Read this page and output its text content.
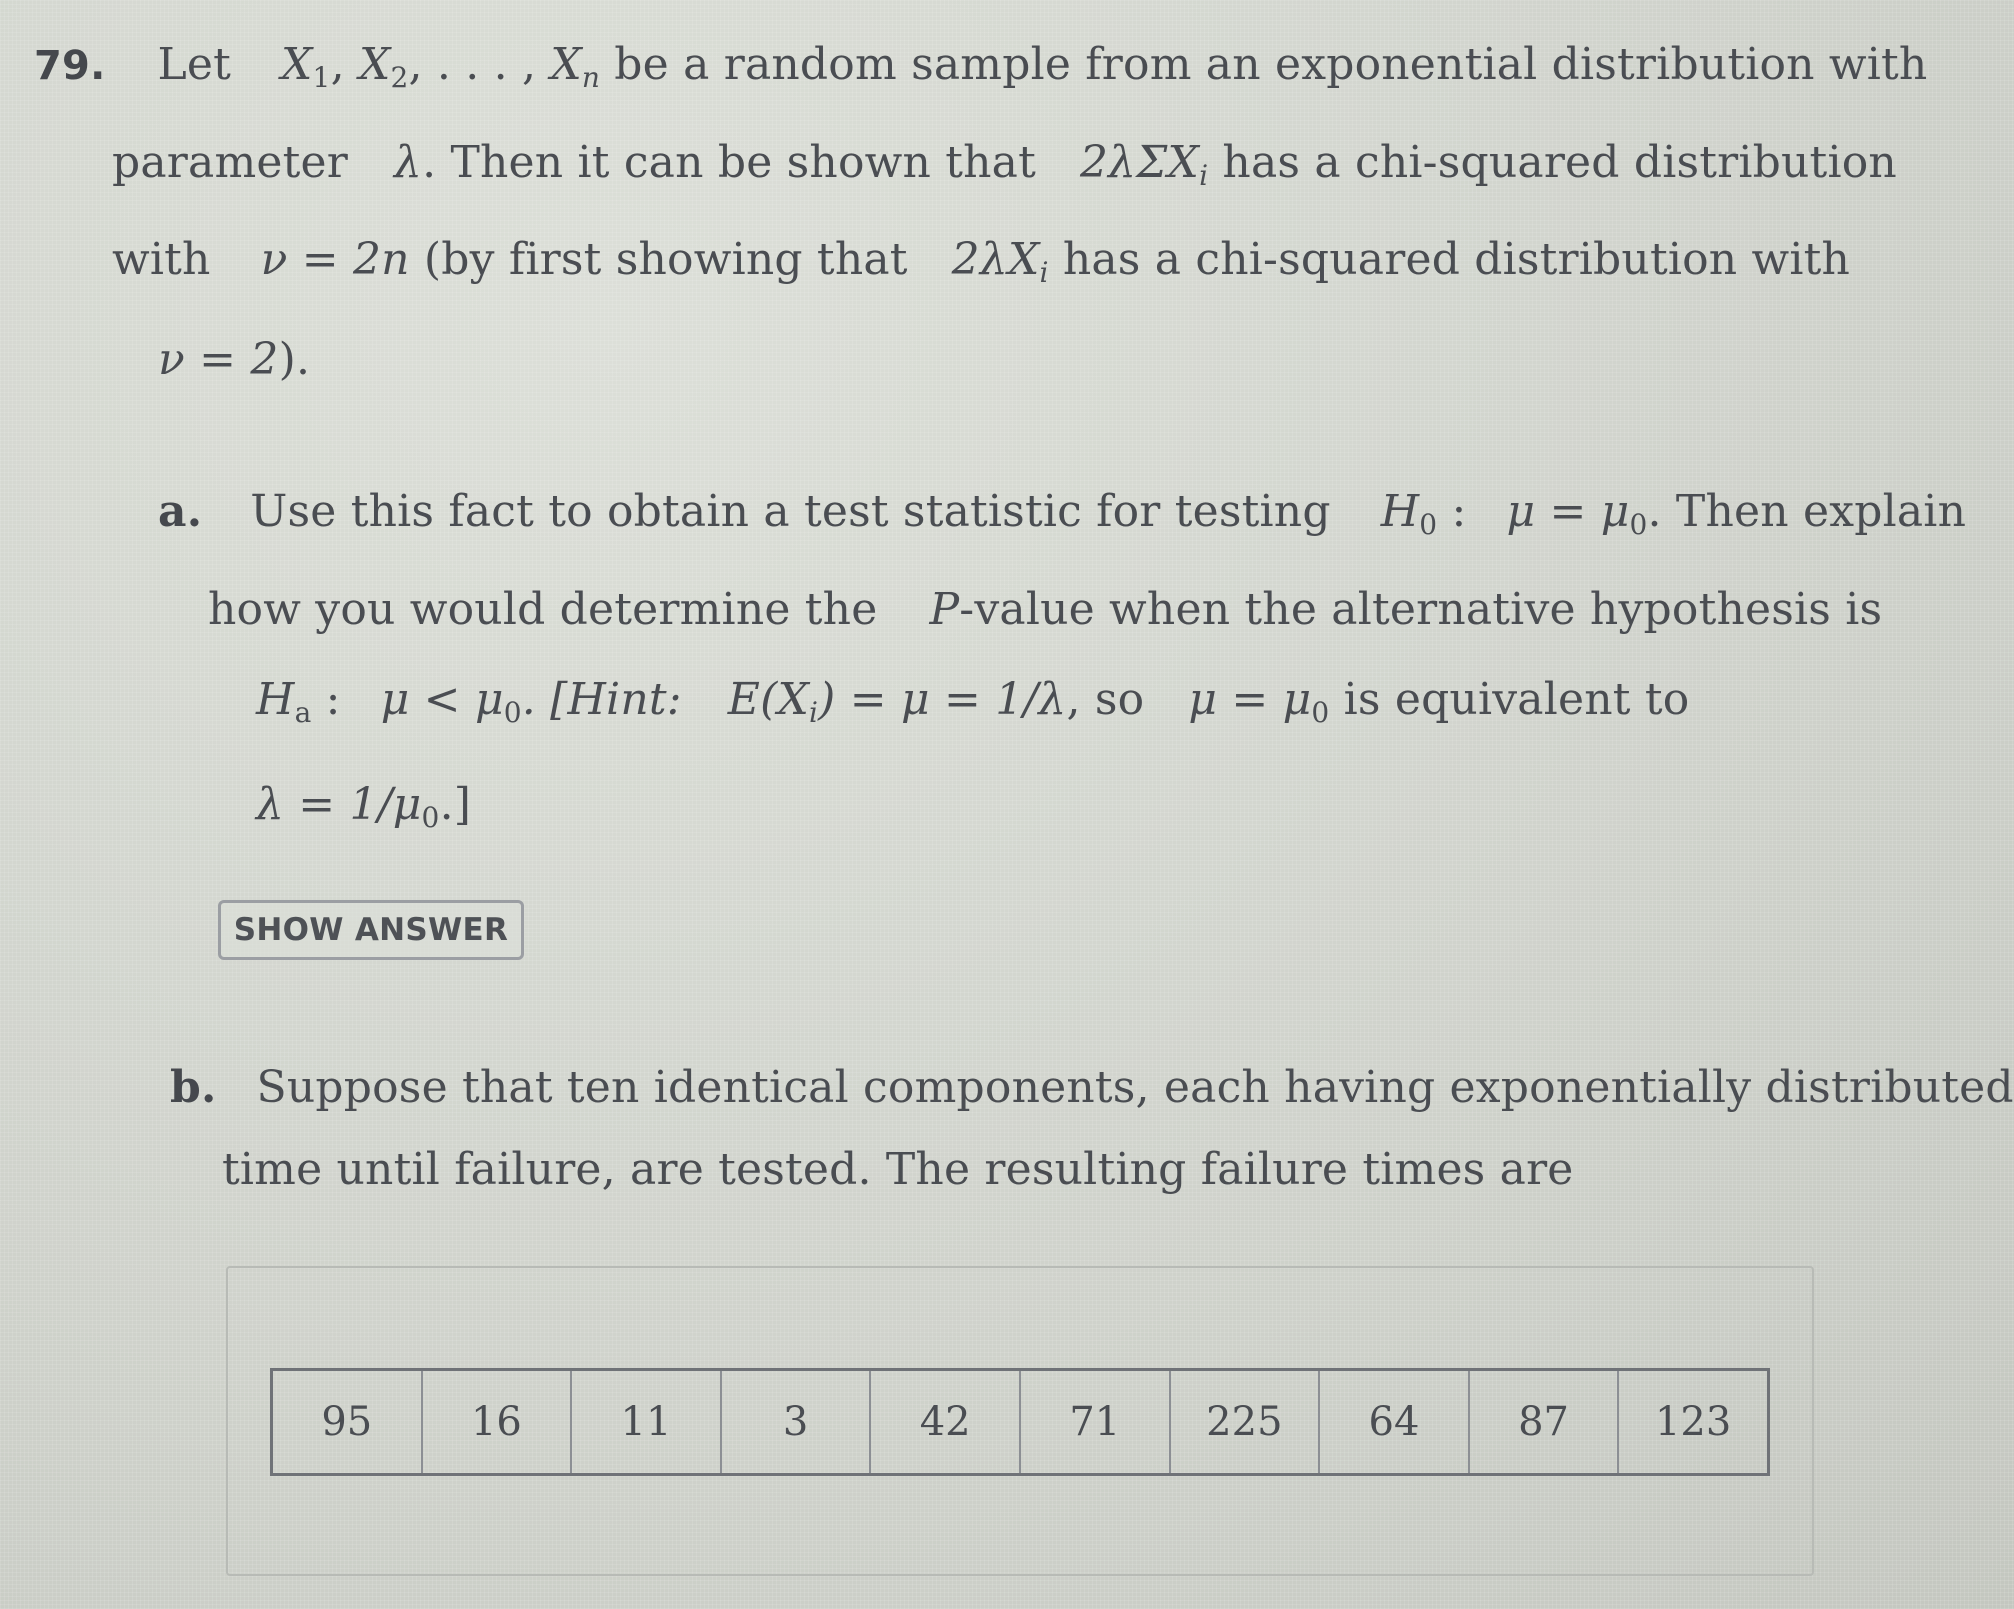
79. Let $X_1$, $X_2$, . . . , $X_n$ be a random sample from an exponential distribution with
parameter λ. Then it can be shown that 2λΣX$_i$ has a chi-squared distribution
with ν = 2n (by first showing that $2\lambda X_i$ has a chi-squared distribution with
ν = 2).
a. Use this fact to obtain a test statistic for testing $H_0$ : $\mu = \mu_0$. Then explain
how you would determine the P-value when the alternative hypothesis is
$H_a$ : $\mu < \mu_0$. [Hint: $E(X_i) = \mu = 1/\lambda$, so $\mu = \mu_0$ is equivalent to
$\lambda = 1/\mu_0$.]
SHOW ANSWER
b. Suppose that ten identical components, each having exponentially distributed
time until failure, are tested. The resulting failure times are
95	16	11	3	42	71	225	64	87	123
